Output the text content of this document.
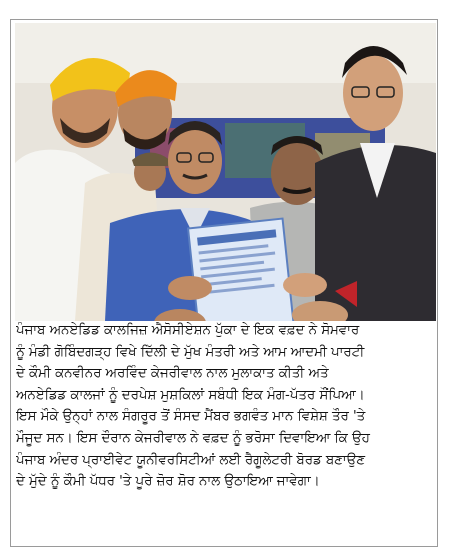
ਪੰਜਾਬ ਅਨਏਡਿਡ ਕਾਲਜਿਜ਼ ਐਸੋਸੀਏਸ਼ਨ ਪੁੱਕਾ ਦੇ ਇਕ ਵਫ਼ਦ ਨੇ ਸੋਮਵਾਰ
ਨੂੰ ਮੰਡੀ ਗੋਬਿੰਦਗੜ੍ਹ ਵਿਖੇ ਦਿੱਲੀ ਦੇ ਮੁੱਖ ਮੰਤਰੀ ਅਤੇ ਆਮ ਆਦਮੀ ਪਾਰਟੀ
ਦੇ ਕੌਮੀ ਕਨਵੀਨਰ ਅਰਵਿੰਦ ਕੇਜਰੀਵਾਲ ਨਾਲ ਮੁਲਾਕਾਤ ਕੀਤੀ ਅਤੇ
ਅਨਏਡਿਡ ਕਾਲਜਾਂ ਨੂੰ ਦਰਪੇਸ਼ ਮੁਸ਼ਕਿਲਾਂ ਸਬੰਧੀ ਇਕ ਮੰਗ-ਪੱਤਰ ਸੌਂਪਿਆ।
ਇਸ ਮੌਕੇ ਉਨ੍ਹਾਂ ਨਾਲ ਸੰਗਰੂਰ ਤੋਂ ਸੰਸਦ ਮੈਂਬਰ ਭਗਵੰਤ ਮਾਨ ਵਿਸ਼ੇਸ਼ ਤੌਰ 'ਤੇ
ਮੌਜੂਦ ਸਨ। ਇਸ ਦੌਰਾਨ ਕੇਜਰੀਵਾਲ ਨੇ ਵਫ਼ਦ ਨੂੰ ਭਰੋਸਾ ਦਿਵਾਇਆ ਕਿ ਉਹ
ਪੰਜਾਬ ਅੰਦਰ ਪ੍ਰਾਈਵੇਟ ਯੂਨੀਵਰਸਿਟੀਆਂ ਲਈ ਰੈਗੂਲੇਟਰੀ ਬੋਰਡ ਬਣਾਉਣ
ਦੇ ਮੁੱਦੇ ਨੂੰ ਕੌਮੀ ਪੱਧਰ 'ਤੇ ਪੂਰੇ ਜ਼ੋਰ ਸ਼ੋਰ ਨਾਲ ਉਠਾਇਆ ਜਾਵੇਗਾ।
